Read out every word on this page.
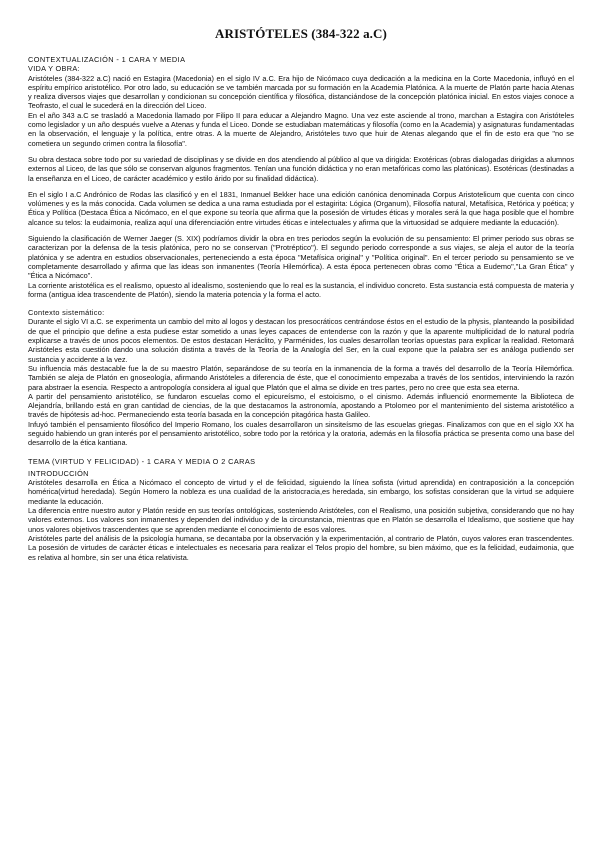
ARISTÓTELES (384-322 a.C)
CONTEXTUALIZACIÓN - 1 CARA Y MEDIA
VIDA Y OBRA:

Aristóteles (384-322 a.C) nació en Estagira (Macedonia) en el siglo IV a.C. Era hijo de Nicómaco cuya dedicación a la medicina en la Corte Macedonia, influyó en el espíritu empírico aristotélico. Por otro lado, su educación se ve también marcada por su formación en la Academia Platónica. A la muerte de Platón parte hacia Atenas y realiza diversos viajes que desarrollan y condicionan su concepción científica y filosófica, distanciándose de la concepción platónica inicial. En estos viajes conoce a Teofrasto, el cual le sucederá en la dirección del Liceo.

En el año 343 a.C se trasladó a Macedonia llamado por Filipo II para educar a Alejandro Magno. Una vez este asciende al trono, marchan a Estagira con Aristóteles como legislador y un año después vuelve a Atenas y funda el Liceo. Donde se estudiaban matemáticas y filosofía (como en la Academia) y asignaturas fundamentadas en la observación, el lenguaje y la política, entre otras. A la muerte de Alejandro, Aristóteles tuvo que huir de Atenas alegando que el fin de esto era que "no se cometiera un segundo crimen contra la filosofía".

Su obra destaca sobre todo por su variedad de disciplinas y se divide en dos atendiendo al público al que va dirigida: Exotéricas (obras dialogadas dirigidas a alumnos externos al Liceo, de las que sólo se conservan algunos fragmentos. Tenían una función didáctica y no eran metafóricas como las platónicas). Esotéricas (destinadas a la enseñanza en el Liceo, de carácter académico y estilo árido por su finalidad didáctica).

En el siglo I a.C Andrónico de Rodas las clasificó y en el 1831, Inmanuel Bekker hace una edición canónica denominada Corpus Aristotelicum que cuenta con cinco volúmenes y es la más conocida. Cada volumen se dedica a una rama estudiada por el estagirita: Lógica (Organum), Filosofía natural, Metafísica, Retórica y poética; y Ética y Política (Destaca Ética a Nicómaco, en el que expone su teoría que afirma que la posesión de virtudes éticas y morales será la que haga posible que el hombre alcance su telos: la eudaimonia, realiza aquí una diferenciación entre virtudes éticas e intelectuales y afirma que la virtuosidad se adquiere mediante la educación).

Siguiendo la clasificación de Werner Jaeger (S. XIX) podríamos dividir la obra en tres periodos según la evolución de su pensamiento: El primer periodo sus obras se caracterizan por la defensa de la tesis platónica, pero no se conservan ("Protréptico"). El segundo periodo corresponde a sus viajes, se aleja el autor de la teoría platónica y se adentra en estudios observacionales, perteneciendo a esta época "Metafísica original" y "Política original". En el tercer periodo su pensamiento se ve completamente desarrollado y afirma que las ideas son inmanentes (Teoría Hilemórfica). A esta época pertenecen obras como "Ética a Eudemo","La Gran Ética" y "Ética a Nicómaco".

La corriente aristotélica es el realismo, opuesto al idealismo, sosteniendo que lo real es la sustancia, el individuo concreto. Esta sustancia está compuesta de materia y forma (antigua idea trascendente de Platón), siendo la materia potencia y la forma el acto.

Contexto sistemático:

Durante el siglo VI a.C. se experimenta un cambio del mito al logos y destacan los presocráticos centrándose éstos en el estudio de la physis, planteando la posibilidad de que el principio que define a esta pudiese estar sometido a unas leyes capaces de entenderse con la razón y que la aparente multiplicidad de lo natural podría explicarse a través de unos pocos elementos. De estos destacan Heráclito, y Parménides, los cuales desarrollan teorías opuestas para explicar la realidad. Retomará Aristóteles esta cuestión dando una solución distinta a través de la Teoría de la Analogía del Ser, en la cual expone que la palabra ser es análoga pudiendo ser sustancia y accidente a la vez.

Su influencia más destacable fue la de su maestro Platón, separándose de su teoría en la inmanencia de la forma a través del desarrollo de la Teoría Hilemórfica. También se aleja de Platón en gnoseología, afirmando Aristóteles a diferencia de éste, que el conocimiento empezaba a través de los sentidos, interviniendo la razón para abstraer la esencia. Respecto a antropología considera al igual que Platón que el alma se divide en tres partes, pero no cree que esta sea eterna.

A partir del pensamiento aristotélico, se fundaron escuelas como el epicureísmo, el estoicismo, o el cinismo. Además influenció enormemente la Biblioteca de Alejandría, brillando está en gran cantidad de ciencias, de la que destacamos la astronomía, apostando a Ptolomeo por el mantenimiento del sistema aristotélico a través de hipótesis ad-hoc. Permaneciendo esta teoría basada en la concepción pitagórica hasta Galileo.

Infuyó también el pensamiento filosófico del Imperio Romano, los cuales desarrollaron un sinsiteísmo de las escuelas griegas. Finalizamos con que en el siglo XX ha seguido habiendo un gran interés por el pensamiento aristotélico, sobre todo por la retórica y la oratoria, además en la filosofía práctica se presenta como una base del desarrollo de la ética kantiana.

TEMA (VIRTUD Y FELICIDAD) - 1 CARA Y MEDIA O 2 CARAS
INTRODUCCIÓN

Aristóteles desarrolla en Ética a Nicómaco el concepto de virtud y el de felicidad, siguiendo la línea sofista (virtud aprendida) en contraposición a la concepción homérica(virtud heredada). Según Homero la nobleza es una cualidad de la aristocracia,es heredada, sin embargo, los sofistas consideran que la virtud se adquiere mediante la educación.

La diferencia entre nuestro autor y Platón reside en sus teorías ontológicas, sosteniendo Aristóteles, con el Realismo, una posición subjetiva, considerando que no hay valores externos. Los valores son inmanentes y dependen del individuo y de la circunstancia, mientras que en Platón se desarrolla el Idealismo, que sostiene que hay unos valores objetivos trascendentes que se aprenden mediante el conocimiento de esos valores.

Aristóteles parte del análisis de la psicología humana, se decantaba por la observación y la experimentación, al contrario de Platón, cuyos valores eran trascendentes. La posesión de virtudes de carácter éticas e intelectuales es necesaria para realizar el Telos propio del hombre, su bien máximo, que es la felicidad, eudaimonia, que es relativa al hombre, sin ser una ética relativista.
